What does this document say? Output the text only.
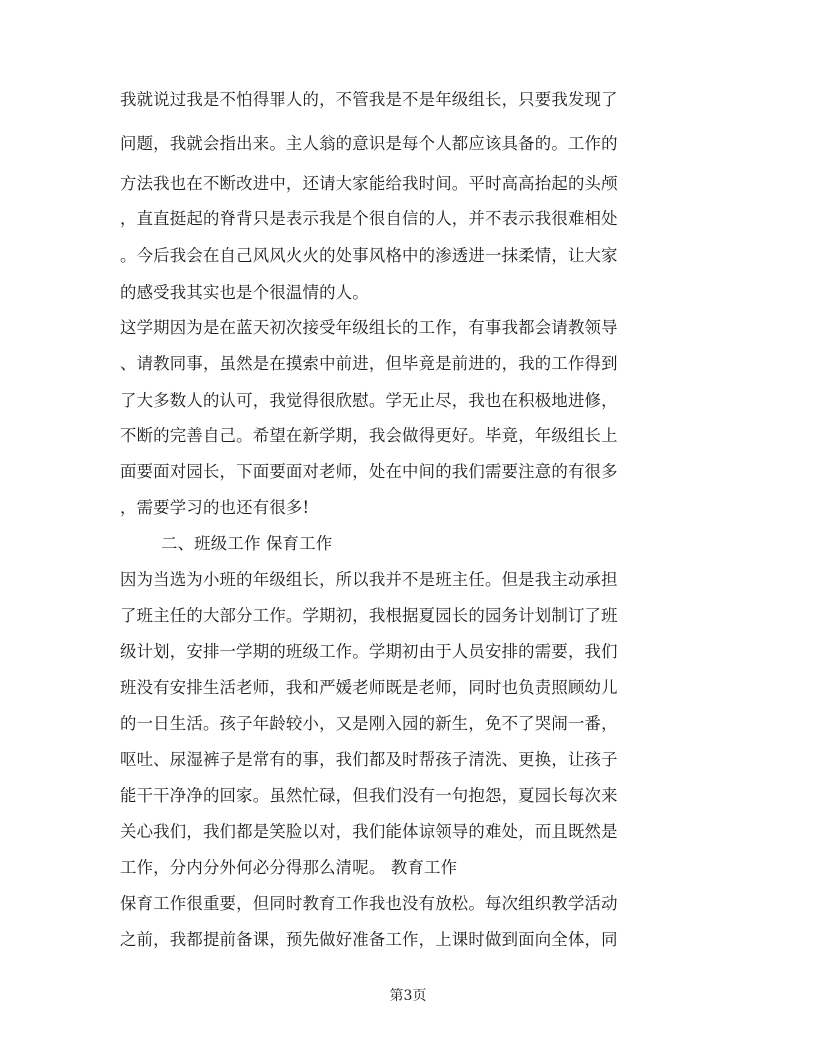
我就说过我是不怕得罪人的，不管我是不是年级组长，只要我发现了
问题，我就会指出来。主人翁的意识是每个人都应该具备的。工作的
方法我也在不断改进中，还请大家能给我时间。平时高高抬起的头颅
，直直挺起的脊背只是表示我是个很自信的人，并不表示我很难相处
。今后我会在自己风风火火的处事风格中的渗透进一抹柔情，让大家
的感受我其实也是个很温情的人。
这学期因为是在蓝天初次接受年级组长的工作，有事我都会请教领导
、请教同事，虽然是在摸索中前进，但毕竟是前进的，我的工作得到
了大多数人的认可，我觉得很欣慰。学无止尽，我也在积极地进修，
不断的完善自己。希望在新学期，我会做得更好。毕竟，年级组长上
面要面对园长，下面要面对老师，处在中间的我们需要注意的有很多
，需要学习的也还有很多!
二、班级工作 保育工作
因为当选为小班的年级组长，所以我并不是班主任。但是我主动承担
了班主任的大部分工作。学期初，我根据夏园长的园务计划制订了班
级计划，安排一学期的班级工作。学期初由于人员安排的需要，我们
班没有安排生活老师，我和严媛老师既是老师，同时也负责照顾幼儿
的一日生活。孩子年龄较小，又是刚入园的新生，免不了哭闹一番，
呕吐、尿湿裤子是常有的事，我们都及时帮孩子清洗、更换，让孩子
能干干净净的回家。虽然忙碌，但我们没有一句抱怨，夏园长每次来
关心我们，我们都是笑脸以对，我们能体谅领导的难处，而且既然是
工作，分内分外何必分得那么清呢。 教育工作
保育工作很重要，但同时教育工作我也没有放松。每次组织教学活动
之前，我都提前备课，预先做好准备工作，上课时做到面向全体，同
第3页
